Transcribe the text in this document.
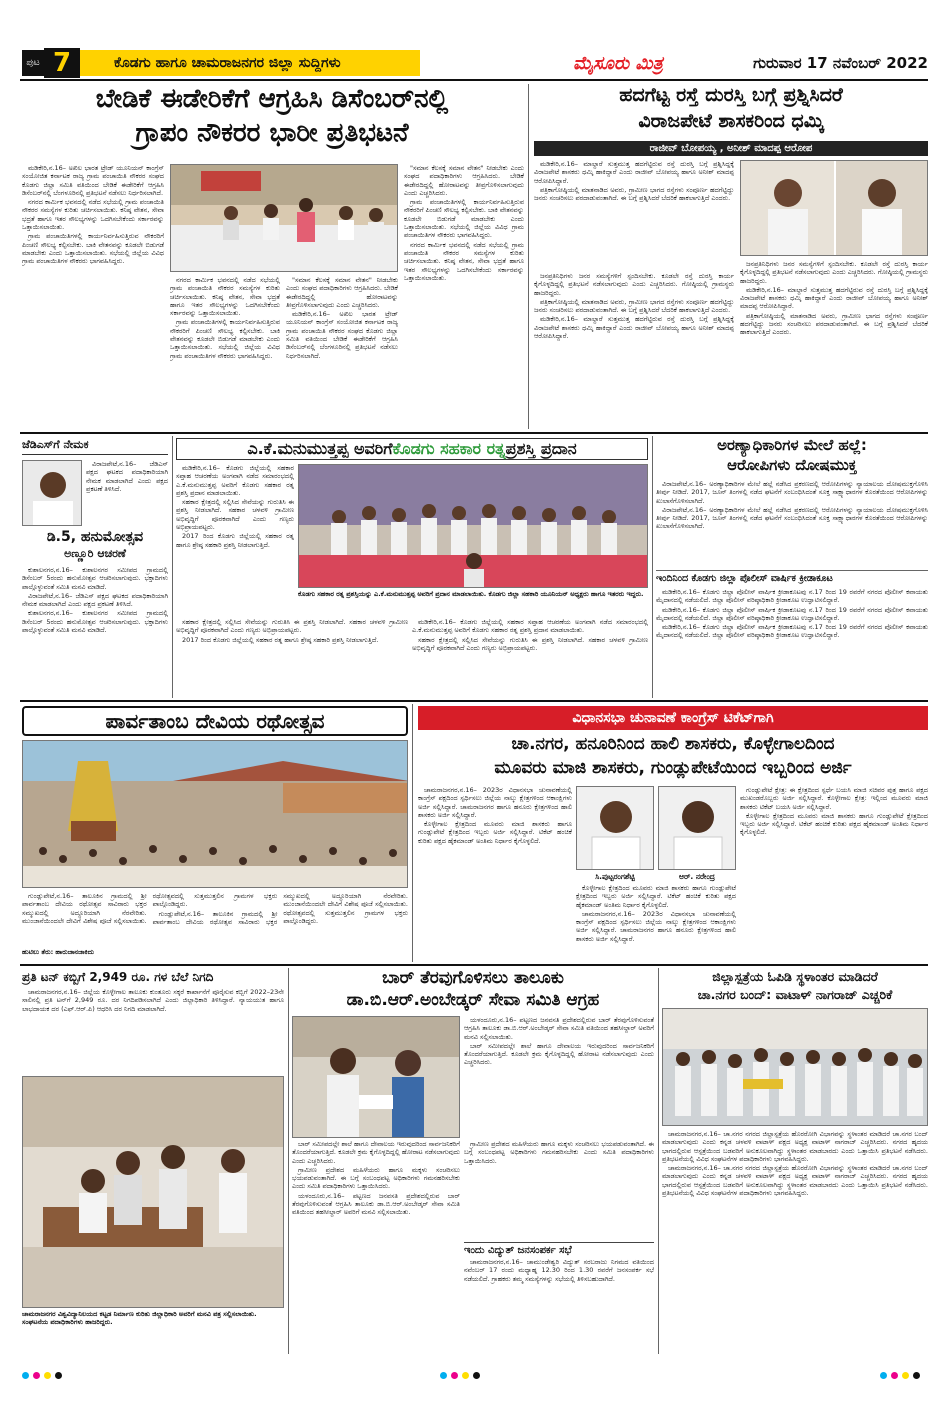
ಪುಟ 7	ಕೊಡಗು ಹಾಗೂ ಚಾಮರಾಜನಗರ ಜಿಲ್ಲಾ ಸುದ್ದಿಗಳು	ಮೈಸೂರು ಮಿತ್ರ	ಗುರುವಾರ 17 ನವೆಂಬರ್ 2022
ಬೇಡಿಕೆ ಈಡೇರಿಕೆಗೆ ಆಗ್ರಹಿಸಿ ಡಿಸೆಂಬರ್‌ನಲ್ಲಿ
ಗ್ರಾಪಂ ನೌಕರರ ಭಾರೀ ಪ್ರತಿಭಟನೆ

ಮಡಿಕೇರಿ,ನ.16– ಅಖಿಲ ಭಾರತ ಟ್ರೇಡ್ ಯೂನಿಯನ್ ಕಾಂಗ್ರೆಸ್ ಸಂಯೋಜಿತ ಕರ್ನಾಟಕ ರಾಜ್ಯ ಗ್ರಾಮ ಪಂಚಾಯಿತಿ ನೌಕರರ ಸಂಘದ ಕೊಡಗು ಜಿಲ್ಲಾ ಸಮಿತಿ ವತಿಯಿಂದ ಬೇಡಿಕೆ ಈಡೇರಿಕೆಗೆ ಆಗ್ರಹಿಸಿ ಡಿಸೆಂಬರ್‌ನಲ್ಲಿ ಬೆಂಗಳೂರಿನಲ್ಲಿ ಪ್ರತಿಭಟನೆ ನಡೆಸಲು ನಿರ್ಧರಿಸಲಾಗಿದೆ.

ನಗರದ ಕಾರ್ಮಿಕ ಭವನದಲ್ಲಿ ನಡೆದ ಸಭೆಯಲ್ಲಿ ಗ್ರಾಮ ಪಂಚಾಯಿತಿ ನೌಕರರ ಸಮಸ್ಯೆಗಳ ಕುರಿತು ಚರ್ಚಿಸಲಾಯಿತು. ಕನಿಷ್ಠ ವೇತನ, ಸೇವಾ ಭದ್ರತೆ ಹಾಗೂ ಇತರ ಸೌಲಭ್ಯಗಳನ್ನು ಒದಗಿಸಬೇಕೆಂದು ಸರ್ಕಾರವನ್ನು ಒತ್ತಾಯಿಸಲಾಯಿತು.

ಗ್ರಾಮ ಪಂಚಾಯಿತಿಗಳಲ್ಲಿ ಕಾರ್ಯನಿರ್ವಹಿಸುತ್ತಿರುವ ನೌಕರರಿಗೆ ಪಿಂಚಣಿ ಸೌಲಭ್ಯ ಕಲ್ಪಿಸಬೇಕು. ಬಾಕಿ ವೇತನವನ್ನು ಕೂಡಲೇ ಬಿಡುಗಡೆ ಮಾಡಬೇಕು ಎಂದು ಒತ್ತಾಯಿಸಲಾಯಿತು. ಸಭೆಯಲ್ಲಿ ಜಿಲ್ಲೆಯ ವಿವಿಧ ಗ್ರಾಮ ಪಂಚಾಯಿತಿಗಳ ನೌಕರರು ಭಾಗವಹಿಸಿದ್ದರು.

ನಗರದ ಕಾರ್ಮಿಕ ಭವನದಲ್ಲಿ ನಡೆದ ಸಭೆಯಲ್ಲಿ ಗ್ರಾಮ ಪಂಚಾಯಿತಿ ನೌಕರರ ಸಮಸ್ಯೆಗಳ ಕುರಿತು ಚರ್ಚಿಸಲಾಯಿತು. ಕನಿಷ್ಠ ವೇತನ, ಸೇವಾ ಭದ್ರತೆ ಹಾಗೂ ಇತರ ಸೌಲಭ್ಯಗಳನ್ನು ಒದಗಿಸಬೇಕೆಂದು ಸರ್ಕಾರವನ್ನು ಒತ್ತಾಯಿಸಲಾಯಿತು.

ಗ್ರಾಮ ಪಂಚಾಯಿತಿಗಳಲ್ಲಿ ಕಾರ್ಯನಿರ್ವಹಿಸುತ್ತಿರುವ ನೌಕರರಿಗೆ ಪಿಂಚಣಿ ಸೌಲಭ್ಯ ಕಲ್ಪಿಸಬೇಕು. ಬಾಕಿ ವೇತನವನ್ನು ಕೂಡಲೇ ಬಿಡುಗಡೆ ಮಾಡಬೇಕು ಎಂದು ಒತ್ತಾಯಿಸಲಾಯಿತು. ಸಭೆಯಲ್ಲಿ ಜಿಲ್ಲೆಯ ವಿವಿಧ ಗ್ರಾಮ ಪಂಚಾಯಿತಿಗಳ ನೌಕರರು ಭಾಗವಹಿಸಿದ್ದರು.

"ಸಮಾನ ಕೆಲಸಕ್ಕೆ ಸಮಾನ ವೇತನ" ನೀಡಬೇಕು ಎಂದು ಸಂಘದ ಪದಾಧಿಕಾರಿಗಳು ಆಗ್ರಹಿಸಿದರು. ಬೇಡಿಕೆ ಈಡೇರದಿದ್ದಲ್ಲಿ ಹೋರಾಟವನ್ನು ತೀವ್ರಗೊಳಿಸಲಾಗುವುದು ಎಂದು ಎಚ್ಚರಿಸಿದರು.

ಮಡಿಕೇರಿ,ನ.16– ಅಖಿಲ ಭಾರತ ಟ್ರೇಡ್ ಯೂನಿಯನ್ ಕಾಂಗ್ರೆಸ್ ಸಂಯೋಜಿತ ಕರ್ನಾಟಕ ರಾಜ್ಯ ಗ್ರಾಮ ಪಂಚಾಯಿತಿ ನೌಕರರ ಸಂಘದ ಕೊಡಗು ಜಿಲ್ಲಾ ಸಮಿತಿ ವತಿಯಿಂದ ಬೇಡಿಕೆ ಈಡೇರಿಕೆಗೆ ಆಗ್ರಹಿಸಿ ಡಿಸೆಂಬರ್‌ನಲ್ಲಿ ಬೆಂಗಳೂರಿನಲ್ಲಿ ಪ್ರತಿಭಟನೆ ನಡೆಸಲು ನಿರ್ಧರಿಸಲಾಗಿದೆ.

"ಸಮಾನ ಕೆಲಸಕ್ಕೆ ಸಮಾನ ವೇತನ" ನೀಡಬೇಕು ಎಂದು ಸಂಘದ ಪದಾಧಿಕಾರಿಗಳು ಆಗ್ರಹಿಸಿದರು. ಬೇಡಿಕೆ ಈಡೇರದಿದ್ದಲ್ಲಿ ಹೋರಾಟವನ್ನು ತೀವ್ರಗೊಳಿಸಲಾಗುವುದು ಎಂದು ಎಚ್ಚರಿಸಿದರು.

ಗ್ರಾಮ ಪಂಚಾಯಿತಿಗಳಲ್ಲಿ ಕಾರ್ಯನಿರ್ವಹಿಸುತ್ತಿರುವ ನೌಕರರಿಗೆ ಪಿಂಚಣಿ ಸೌಲಭ್ಯ ಕಲ್ಪಿಸಬೇಕು. ಬಾಕಿ ವೇತನವನ್ನು ಕೂಡಲೇ ಬಿಡುಗಡೆ ಮಾಡಬೇಕು ಎಂದು ಒತ್ತಾಯಿಸಲಾಯಿತು. ಸಭೆಯಲ್ಲಿ ಜಿಲ್ಲೆಯ ವಿವಿಧ ಗ್ರಾಮ ಪಂಚಾಯಿತಿಗಳ ನೌಕರರು ಭಾಗವಹಿಸಿದ್ದರು.

ನಗರದ ಕಾರ್ಮಿಕ ಭವನದಲ್ಲಿ ನಡೆದ ಸಭೆಯಲ್ಲಿ ಗ್ರಾಮ ಪಂಚಾಯಿತಿ ನೌಕರರ ಸಮಸ್ಯೆಗಳ ಕುರಿತು ಚರ್ಚಿಸಲಾಯಿತು. ಕನಿಷ್ಠ ವೇತನ, ಸೇವಾ ಭದ್ರತೆ ಹಾಗೂ ಇತರ ಸೌಲಭ್ಯಗಳನ್ನು ಒದಗಿಸಬೇಕೆಂದು ಸರ್ಕಾರವನ್ನು ಒತ್ತಾಯಿಸಲಾಯಿತು.

ಹದಗೆಟ್ಟ ರಸ್ತೆ ದುರಸ್ತಿ ಬಗ್ಗೆ ಪ್ರಶ್ನಿಸಿದರೆ
ವಿರಾಜಪೇಟೆ ಶಾಸಕರಿಂದ ಧಮ್ಕಿ
ರಾಜೀವ್ ಬೋಪಯ್ಯ , ಅನೀಶ್ ಮಾದಪ್ಪ ಆರೋಪ

ಮಡಿಕೇರಿ,ನ.16– ಮಾಲ್ದಾರೆ ಸುತ್ತಮುತ್ತ ಹದಗೆಟ್ಟಿರುವ ರಸ್ತೆ ದುರಸ್ತಿ ಬಗ್ಗೆ ಪ್ರಶ್ನಿಸಿದ್ದಕ್ಕೆ ವಿರಾಜಪೇಟೆ ಶಾಸಕರು ಧಮ್ಕಿ ಹಾಕಿದ್ದಾರೆ ಎಂದು ರಾಜೀವ್ ಬೋಪಯ್ಯ ಹಾಗೂ ಅನೀಶ್ ಮಾದಪ್ಪ ಆರೋಪಿಸಿದ್ದಾರೆ.

ಪತ್ರಿಕಾಗೋಷ್ಠಿಯಲ್ಲಿ ಮಾತನಾಡಿದ ಅವರು, ಗ್ರಾಮೀಣ ಭಾಗದ ರಸ್ತೆಗಳು ಸಂಪೂರ್ಣ ಹದಗೆಟ್ಟಿದ್ದು ಜನರು ಸಂಚರಿಸಲು ಪರದಾಡುವಂತಾಗಿದೆ. ಈ ಬಗ್ಗೆ ಪ್ರಶ್ನಿಸಿದರೆ ಬೆದರಿಕೆ ಹಾಕಲಾಗುತ್ತಿದೆ ಎಂದರು.

ಜನಪ್ರತಿನಿಧಿಗಳು ಜನರ ಸಮಸ್ಯೆಗಳಿಗೆ ಸ್ಪಂದಿಸಬೇಕು. ಕೂಡಲೇ ರಸ್ತೆ ದುರಸ್ತಿ ಕಾರ್ಯ ಕೈಗೊಳ್ಳದಿದ್ದಲ್ಲಿ ಪ್ರತಿಭಟನೆ ನಡೆಸಲಾಗುವುದು ಎಂದು ಎಚ್ಚರಿಸಿದರು. ಗೋಷ್ಠಿಯಲ್ಲಿ ಗ್ರಾಮಸ್ಥರು ಹಾಜರಿದ್ದರು.

ಪತ್ರಿಕಾಗೋಷ್ಠಿಯಲ್ಲಿ ಮಾತನಾಡಿದ ಅವರು, ಗ್ರಾಮೀಣ ಭಾಗದ ರಸ್ತೆಗಳು ಸಂಪೂರ್ಣ ಹದಗೆಟ್ಟಿದ್ದು ಜನರು ಸಂಚರಿಸಲು ಪರದಾಡುವಂತಾಗಿದೆ. ಈ ಬಗ್ಗೆ ಪ್ರಶ್ನಿಸಿದರೆ ಬೆದರಿಕೆ ಹಾಕಲಾಗುತ್ತಿದೆ ಎಂದರು.

ಮಡಿಕೇರಿ,ನ.16– ಮಾಲ್ದಾರೆ ಸುತ್ತಮುತ್ತ ಹದಗೆಟ್ಟಿರುವ ರಸ್ತೆ ದುರಸ್ತಿ ಬಗ್ಗೆ ಪ್ರಶ್ನಿಸಿದ್ದಕ್ಕೆ ವಿರಾಜಪೇಟೆ ಶಾಸಕರು ಧಮ್ಕಿ ಹಾಕಿದ್ದಾರೆ ಎಂದು ರಾಜೀವ್ ಬೋಪಯ್ಯ ಹಾಗೂ ಅನೀಶ್ ಮಾದಪ್ಪ ಆರೋಪಿಸಿದ್ದಾರೆ.

ಜನಪ್ರತಿನಿಧಿಗಳು ಜನರ ಸಮಸ್ಯೆಗಳಿಗೆ ಸ್ಪಂದಿಸಬೇಕು. ಕೂಡಲೇ ರಸ್ತೆ ದುರಸ್ತಿ ಕಾರ್ಯ ಕೈಗೊಳ್ಳದಿದ್ದಲ್ಲಿ ಪ್ರತಿಭಟನೆ ನಡೆಸಲಾಗುವುದು ಎಂದು ಎಚ್ಚರಿಸಿದರು. ಗೋಷ್ಠಿಯಲ್ಲಿ ಗ್ರಾಮಸ್ಥರು ಹಾಜರಿದ್ದರು.

ಮಡಿಕೇರಿ,ನ.16– ಮಾಲ್ದಾರೆ ಸುತ್ತಮುತ್ತ ಹದಗೆಟ್ಟಿರುವ ರಸ್ತೆ ದುರಸ್ತಿ ಬಗ್ಗೆ ಪ್ರಶ್ನಿಸಿದ್ದಕ್ಕೆ ವಿರಾಜಪೇಟೆ ಶಾಸಕರು ಧಮ್ಕಿ ಹಾಕಿದ್ದಾರೆ ಎಂದು ರಾಜೀವ್ ಬೋಪಯ್ಯ ಹಾಗೂ ಅನೀಶ್ ಮಾದಪ್ಪ ಆರೋಪಿಸಿದ್ದಾರೆ.

ಪತ್ರಿಕಾಗೋಷ್ಠಿಯಲ್ಲಿ ಮಾತನಾಡಿದ ಅವರು, ಗ್ರಾಮೀಣ ಭಾಗದ ರಸ್ತೆಗಳು ಸಂಪೂರ್ಣ ಹದಗೆಟ್ಟಿದ್ದು ಜನರು ಸಂಚರಿಸಲು ಪರದಾಡುವಂತಾಗಿದೆ. ಈ ಬಗ್ಗೆ ಪ್ರಶ್ನಿಸಿದರೆ ಬೆದರಿಕೆ ಹಾಕಲಾಗುತ್ತಿದೆ ಎಂದರು.

ಜೆಡಿಎಸ್‌ಗೆ ನೇಮಕ

ವಿರಾಜಪೇಟೆ,ನ.16– ಜೆಡಿಎಸ್ ಪಕ್ಷದ ಘಟಕದ ಪದಾಧಿಕಾರಿಯಾಗಿ ನೇಮಕ ಮಾಡಲಾಗಿದೆ ಎಂದು ಪಕ್ಷದ ಪ್ರಕಟಣೆ ತಿಳಿಸಿದೆ.

ಡಿ.5, ಹನುಮೋತ್ಸವ
ಅಣ್ಣೂರಿ ಆಚರಣೆ

ಕುಶಾಲನಗರ,ನ.16– ಕುಶಾಲನಗರ ಸಮೀಪದ ಗ್ರಾಮದಲ್ಲಿ ಡಿಸೆಂಬರ್ 5ರಂದು ಹನುಮೋತ್ಸವ ಆಚರಿಸಲಾಗುವುದು. ಭಕ್ತಾದಿಗಳು ಪಾಲ್ಗೊಳ್ಳುವಂತೆ ಸಮಿತಿ ಮನವಿ ಮಾಡಿದೆ.

ವಿರಾಜಪೇಟೆ,ನ.16– ಜೆಡಿಎಸ್ ಪಕ್ಷದ ಘಟಕದ ಪದಾಧಿಕಾರಿಯಾಗಿ ನೇಮಕ ಮಾಡಲಾಗಿದೆ ಎಂದು ಪಕ್ಷದ ಪ್ರಕಟಣೆ ತಿಳಿಸಿದೆ.

ಕುಶಾಲನಗರ,ನ.16– ಕುಶಾಲನಗರ ಸಮೀಪದ ಗ್ರಾಮದಲ್ಲಿ ಡಿಸೆಂಬರ್ 5ರಂದು ಹನುಮೋತ್ಸವ ಆಚರಿಸಲಾಗುವುದು. ಭಕ್ತಾದಿಗಳು ಪಾಲ್ಗೊಳ್ಳುವಂತೆ ಸಮಿತಿ ಮನವಿ ಮಾಡಿದೆ.

ಎ.ಕೆ.ಮನುಮುತ್ತಪ್ಪ ಅವರಿಗೆ ಕೊಡಗು ಸಹಕಾರ ರತ್ನ ಪ್ರಶಸ್ತಿ ಪ್ರದಾನ

ಮಡಿಕೇರಿ,ನ.16– ಕೊಡಗು ಜಿಲ್ಲೆಯಲ್ಲಿ ಸಹಕಾರ ಸಪ್ತಾಹ ಆಚರಣೆಯ ಅಂಗವಾಗಿ ನಡೆದ ಸಮಾರಂಭದಲ್ಲಿ ಎ.ಕೆ.ಮನುಮುತ್ತಪ್ಪ ಅವರಿಗೆ ಕೊಡಗು ಸಹಕಾರ ರತ್ನ ಪ್ರಶಸ್ತಿ ಪ್ರದಾನ ಮಾಡಲಾಯಿತು.

ಸಹಕಾರ ಕ್ಷೇತ್ರದಲ್ಲಿ ಸಲ್ಲಿಸಿದ ಸೇವೆಯನ್ನು ಗುರುತಿಸಿ ಈ ಪ್ರಶಸ್ತಿ ನೀಡಲಾಗಿದೆ. ಸಹಕಾರ ಚಳವಳಿ ಗ್ರಾಮೀಣ ಅಭಿವೃದ್ಧಿಗೆ ಪೂರಕವಾಗಿದೆ ಎಂದು ಗಣ್ಯರು ಅಭಿಪ್ರಾಯಪಟ್ಟರು.

2017 ರಿಂದ ಕೊಡಗು ಜಿಲ್ಲೆಯಲ್ಲಿ ಸಹಕಾರ ರತ್ನ ಹಾಗೂ ಶ್ರೇಷ್ಠ ಸಹಕಾರಿ ಪ್ರಶಸ್ತಿ ನೀಡಲಾಗುತ್ತಿದೆ.

ಕೊಡಗು ಸಹಕಾರ ರತ್ನ ಪ್ರಶಸ್ತಿಯನ್ನು ಎ.ಕೆ.ಮನುಮುತ್ತಪ್ಪ ಅವರಿಗೆ ಪ್ರದಾನ ಮಾಡಲಾಯಿತು. ಕೊಡಗು ಜಿಲ್ಲಾ ಸಹಕಾರಿ ಯೂನಿಯನ್ ಅಧ್ಯಕ್ಷರು ಹಾಗೂ ಇತರರು ಇದ್ದರು.

ಸಹಕಾರ ಕ್ಷೇತ್ರದಲ್ಲಿ ಸಲ್ಲಿಸಿದ ಸೇವೆಯನ್ನು ಗುರುತಿಸಿ ಈ ಪ್ರಶಸ್ತಿ ನೀಡಲಾಗಿದೆ. ಸಹಕಾರ ಚಳವಳಿ ಗ್ರಾಮೀಣ ಅಭಿವೃದ್ಧಿಗೆ ಪೂರಕವಾಗಿದೆ ಎಂದು ಗಣ್ಯರು ಅಭಿಪ್ರಾಯಪಟ್ಟರು.

2017 ರಿಂದ ಕೊಡಗು ಜಿಲ್ಲೆಯಲ್ಲಿ ಸಹಕಾರ ರತ್ನ ಹಾಗೂ ಶ್ರೇಷ್ಠ ಸಹಕಾರಿ ಪ್ರಶಸ್ತಿ ನೀಡಲಾಗುತ್ತಿದೆ.

ಮಡಿಕೇರಿ,ನ.16– ಕೊಡಗು ಜಿಲ್ಲೆಯಲ್ಲಿ ಸಹಕಾರ ಸಪ್ತಾಹ ಆಚರಣೆಯ ಅಂಗವಾಗಿ ನಡೆದ ಸಮಾರಂಭದಲ್ಲಿ ಎ.ಕೆ.ಮನುಮುತ್ತಪ್ಪ ಅವರಿಗೆ ಕೊಡಗು ಸಹಕಾರ ರತ್ನ ಪ್ರಶಸ್ತಿ ಪ್ರದಾನ ಮಾಡಲಾಯಿತು.

ಸಹಕಾರ ಕ್ಷೇತ್ರದಲ್ಲಿ ಸಲ್ಲಿಸಿದ ಸೇವೆಯನ್ನು ಗುರುತಿಸಿ ಈ ಪ್ರಶಸ್ತಿ ನೀಡಲಾಗಿದೆ. ಸಹಕಾರ ಚಳವಳಿ ಗ್ರಾಮೀಣ ಅಭಿವೃದ್ಧಿಗೆ ಪೂರಕವಾಗಿದೆ ಎಂದು ಗಣ್ಯರು ಅಭಿಪ್ರಾಯಪಟ್ಟರು.

ಅರಣ್ಯಾಧಿಕಾರಿಗಳ ಮೇಲೆ ಹಲ್ಲೆ:
ಆರೋಪಿಗಳು ದೋಷಮುಕ್ತ

ವಿರಾಜಪೇಟೆ,ನ.16– ಅರಣ್ಯಾಧಿಕಾರಿಗಳ ಮೇಲೆ ಹಲ್ಲೆ ನಡೆಸಿದ ಪ್ರಕರಣದಲ್ಲಿ ಆರೋಪಿಗಳನ್ನು ನ್ಯಾಯಾಲಯ ದೋಷಮುಕ್ತಗೊಳಿಸಿ ತೀರ್ಪು ನೀಡಿದೆ. 2017, ಜೂನ್ ತಿಂಗಳಲ್ಲಿ ನಡೆದ ಘಟನೆಗೆ ಸಂಬಂಧಿಸಿದಂತೆ ಸೂಕ್ತ ಸಾಕ್ಷ್ಯಾಧಾರಗಳ ಕೊರತೆಯಿಂದ ಆರೋಪಿಗಳನ್ನು ಖುಲಾಸೆಗೊಳಿಸಲಾಗಿದೆ.

ವಿರಾಜಪೇಟೆ,ನ.16– ಅರಣ್ಯಾಧಿಕಾರಿಗಳ ಮೇಲೆ ಹಲ್ಲೆ ನಡೆಸಿದ ಪ್ರಕರಣದಲ್ಲಿ ಆರೋಪಿಗಳನ್ನು ನ್ಯಾಯಾಲಯ ದೋಷಮುಕ್ತಗೊಳಿಸಿ ತೀರ್ಪು ನೀಡಿದೆ. 2017, ಜೂನ್ ತಿಂಗಳಲ್ಲಿ ನಡೆದ ಘಟನೆಗೆ ಸಂಬಂಧಿಸಿದಂತೆ ಸೂಕ್ತ ಸಾಕ್ಷ್ಯಾಧಾರಗಳ ಕೊರತೆಯಿಂದ ಆರೋಪಿಗಳನ್ನು ಖುಲಾಸೆಗೊಳಿಸಲಾಗಿದೆ.

ಇಂದಿನಿಂದ ಕೊಡಗು ಜಿಲ್ಲಾ ಪೊಲೀಸ್ ವಾರ್ಷಿಕ ಕ್ರೀಡಾಕೂಟ

ಮಡಿಕೇರಿ,ನ.16– ಕೊಡಗು ಜಿಲ್ಲಾ ಪೊಲೀಸ್ ವಾರ್ಷಿಕ ಕ್ರೀಡಾಕೂಟವು ನ.17 ರಿಂದ 19 ರವರೆಗೆ ನಗರದ ಪೊಲೀಸ್ ಕವಾಯತು ಮೈದಾನದಲ್ಲಿ ನಡೆಯಲಿದೆ. ಜಿಲ್ಲಾ ಪೊಲೀಸ್ ವರಿಷ್ಠಾಧಿಕಾರಿ ಕ್ರೀಡಾಕೂಟ ಉದ್ಘಾಟಿಸಲಿದ್ದಾರೆ.

ಮಡಿಕೇರಿ,ನ.16– ಕೊಡಗು ಜಿಲ್ಲಾ ಪೊಲೀಸ್ ವಾರ್ಷಿಕ ಕ್ರೀಡಾಕೂಟವು ನ.17 ರಿಂದ 19 ರವರೆಗೆ ನಗರದ ಪೊಲೀಸ್ ಕವಾಯತು ಮೈದಾನದಲ್ಲಿ ನಡೆಯಲಿದೆ. ಜಿಲ್ಲಾ ಪೊಲೀಸ್ ವರಿಷ್ಠಾಧಿಕಾರಿ ಕ್ರೀಡಾಕೂಟ ಉದ್ಘಾಟಿಸಲಿದ್ದಾರೆ.

ಮಡಿಕೇರಿ,ನ.16– ಕೊಡಗು ಜಿಲ್ಲಾ ಪೊಲೀಸ್ ವಾರ್ಷಿಕ ಕ್ರೀಡಾಕೂಟವು ನ.17 ರಿಂದ 19 ರವರೆಗೆ ನಗರದ ಪೊಲೀಸ್ ಕವಾಯತು ಮೈದಾನದಲ್ಲಿ ನಡೆಯಲಿದೆ. ಜಿಲ್ಲಾ ಪೊಲೀಸ್ ವರಿಷ್ಠಾಧಿಕಾರಿ ಕ್ರೀಡಾಕೂಟ ಉದ್ಘಾಟಿಸಲಿದ್ದಾರೆ.

ಪಾರ್ವತಾಂಬ ದೇವಿಯ ರಥೋತ್ಸವ

ಗುಂಡ್ಲುಪೇಟೆ,ನ.16– ತಾಲೂಕಿನ ಗ್ರಾಮದಲ್ಲಿ ಶ್ರೀ ಪಾರ್ವತಾಂಬ ದೇವಿಯ ರಥೋತ್ಸವ ಸಾವಿರಾರು ಭಕ್ತರ ಸಮ್ಮುಖದಲ್ಲಿ ಅದ್ದೂರಿಯಾಗಿ ನೆರವೇರಿತು. ಮುಂಜಾನೆಯಿಂದಲೇ ದೇವಿಗೆ ವಿಶೇಷ ಪೂಜೆ ಸಲ್ಲಿಸಲಾಯಿತು. ರಥೋತ್ಸವದಲ್ಲಿ ಸುತ್ತಮುತ್ತಲಿನ ಗ್ರಾಮಗಳ ಭಕ್ತರು ಪಾಲ್ಗೊಂಡಿದ್ದರು.

ಗುಂಡ್ಲುಪೇಟೆ,ನ.16– ತಾಲೂಕಿನ ಗ್ರಾಮದಲ್ಲಿ ಶ್ರೀ ಪಾರ್ವತಾಂಬ ದೇವಿಯ ರಥೋತ್ಸವ ಸಾವಿರಾರು ಭಕ್ತರ ಸಮ್ಮುಖದಲ್ಲಿ ಅದ್ದೂರಿಯಾಗಿ ನೆರವೇರಿತು. ಮುಂಜಾನೆಯಿಂದಲೇ ದೇವಿಗೆ ವಿಶೇಷ ಪೂಜೆ ಸಲ್ಲಿಸಲಾಯಿತು. ರಥೋತ್ಸವದಲ್ಲಿ ಸುತ್ತಮುತ್ತಲಿನ ಗ್ರಾಮಗಳ ಭಕ್ತರು ಪಾಲ್ಗೊಂಡಿದ್ದರು.

ಹುಟಿಲು ತೆರು: ಹಾರುಜಾನಜಾಕಿದು
ವಿಧಾನಸಭಾ ಚುನಾವಣೆ ಕಾಂಗ್ರೆಸ್ ಟಿಕೆಟ್‌ಗಾಗಿ
ಚಾ.ನಗರ, ಹನೂರಿನಿಂದ ಹಾಲಿ ಶಾಸಕರು, ಕೊಳ್ಳೇಗಾಲದಿಂದ
ಮೂವರು ಮಾಜಿ ಶಾಸಕರು, ಗುಂಡ್ಲುಪೇಟೆಯಿಂದ ಇಬ್ಬರಿಂದ ಅರ್ಜಿ

ಚಾಮರಾಜನಗರ,ನ.16– 2023ರ ವಿಧಾನಸಭಾ ಚುನಾವಣೆಯಲ್ಲಿ ಕಾಂಗ್ರೆಸ್ ಪಕ್ಷದಿಂದ ಸ್ಪರ್ಧಿಸಲು ಜಿಲ್ಲೆಯ ನಾಲ್ಕು ಕ್ಷೇತ್ರಗಳಿಂದ ಆಕಾಂಕ್ಷಿಗಳು ಅರ್ಜಿ ಸಲ್ಲಿಸಿದ್ದಾರೆ. ಚಾಮರಾಜನಗರ ಹಾಗೂ ಹನೂರು ಕ್ಷೇತ್ರಗಳಿಂದ ಹಾಲಿ ಶಾಸಕರು ಅರ್ಜಿ ಸಲ್ಲಿಸಿದ್ದಾರೆ.

ಕೊಳ್ಳೇಗಾಲ ಕ್ಷೇತ್ರದಿಂದ ಮೂವರು ಮಾಜಿ ಶಾಸಕರು ಹಾಗೂ ಗುಂಡ್ಲುಪೇಟೆ ಕ್ಷೇತ್ರದಿಂದ ಇಬ್ಬರು ಅರ್ಜಿ ಸಲ್ಲಿಸಿದ್ದಾರೆ. ಟಿಕೆಟ್ ಹಂಚಿಕೆ ಕುರಿತು ಪಕ್ಷದ ಹೈಕಮಾಂಡ್ ಅಂತಿಮ ನಿರ್ಧಾರ ಕೈಗೊಳ್ಳಲಿದೆ.

ಸಿ.ಪುಟ್ಟರಂಗಶೆಟ್ಟಿ	ಆರ್. ನರೇಂದ್ರ

ಕೊಳ್ಳೇಗಾಲ ಕ್ಷೇತ್ರದಿಂದ ಮೂವರು ಮಾಜಿ ಶಾಸಕರು ಹಾಗೂ ಗುಂಡ್ಲುಪೇಟೆ ಕ್ಷೇತ್ರದಿಂದ ಇಬ್ಬರು ಅರ್ಜಿ ಸಲ್ಲಿಸಿದ್ದಾರೆ. ಟಿಕೆಟ್ ಹಂಚಿಕೆ ಕುರಿತು ಪಕ್ಷದ ಹೈಕಮಾಂಡ್ ಅಂತಿಮ ನಿರ್ಧಾರ ಕೈಗೊಳ್ಳಲಿದೆ.

ಚಾಮರಾಜನಗರ,ನ.16– 2023ರ ವಿಧಾನಸಭಾ ಚುನಾವಣೆಯಲ್ಲಿ ಕಾಂಗ್ರೆಸ್ ಪಕ್ಷದಿಂದ ಸ್ಪರ್ಧಿಸಲು ಜಿಲ್ಲೆಯ ನಾಲ್ಕು ಕ್ಷೇತ್ರಗಳಿಂದ ಆಕಾಂಕ್ಷಿಗಳು ಅರ್ಜಿ ಸಲ್ಲಿಸಿದ್ದಾರೆ. ಚಾಮರಾಜನಗರ ಹಾಗೂ ಹನೂರು ಕ್ಷೇತ್ರಗಳಿಂದ ಹಾಲಿ ಶಾಸಕರು ಅರ್ಜಿ ಸಲ್ಲಿಸಿದ್ದಾರೆ.

ಗುಂಡ್ಲುಪೇಟೆ ಕ್ಷೇತ್ರ: ಈ ಕ್ಷೇತ್ರದಿಂದ ಸ್ಪರ್ಧೆ ಬಯಸಿ ಮಾಜಿ ಸಚಿವರ ಪುತ್ರ ಹಾಗೂ ಪಕ್ಷದ ಮುಖಂಡರೊಬ್ಬರು ಅರ್ಜಿ ಸಲ್ಲಿಸಿದ್ದಾರೆ. ಕೊಳ್ಳೇಗಾಲ ಕ್ಷೇತ್ರ: ಇಲ್ಲಿಂದ ಮೂವರು ಮಾಜಿ ಶಾಸಕರು ಟಿಕೆಟ್ ಬಯಸಿ ಅರ್ಜಿ ಸಲ್ಲಿಸಿದ್ದಾರೆ.

ಕೊಳ್ಳೇಗಾಲ ಕ್ಷೇತ್ರದಿಂದ ಮೂವರು ಮಾಜಿ ಶಾಸಕರು ಹಾಗೂ ಗುಂಡ್ಲುಪೇಟೆ ಕ್ಷೇತ್ರದಿಂದ ಇಬ್ಬರು ಅರ್ಜಿ ಸಲ್ಲಿಸಿದ್ದಾರೆ. ಟಿಕೆಟ್ ಹಂಚಿಕೆ ಕುರಿತು ಪಕ್ಷದ ಹೈಕಮಾಂಡ್ ಅಂತಿಮ ನಿರ್ಧಾರ ಕೈಗೊಳ್ಳಲಿದೆ.

ಪ್ರತಿ ಟನ್ ಕಬ್ಬಿಗೆ 2,949 ರೂ. ಗಳ ಬೆಲೆ ನಿಗದಿ

ಚಾಮರಾಜನಗರ,ನ.16– ಜಿಲ್ಲೆಯ ಕೊಳ್ಳೇಗಾಲ ತಾಲೂಕು ಕುಂತೂರು ಸಕ್ಕರೆ ಕಾರ್ಖಾನೆಗೆ ಪೂರೈಸುವ ಕಬ್ಬಿಗೆ 2022–23ನೇ ಸಾಲಿನಲ್ಲಿ ಪ್ರತಿ ಟನ್‌ಗೆ 2,949 ರೂ. ದರ ನಿಗದಿಪಡಿಸಲಾಗಿದೆ ಎಂದು ಜಿಲ್ಲಾಧಿಕಾರಿ ತಿಳಿಸಿದ್ದಾರೆ. ನ್ಯಾಯಯುತ ಹಾಗೂ ಲಾಭದಾಯಕ ದರ (ಎಫ್.ಆರ್.ಪಿ) ಆಧರಿಸಿ ದರ ನಿಗದಿ ಮಾಡಲಾಗಿದೆ.

ಚಾಮರಾಜನಗರ ವಿಶ್ವವಿದ್ಯಾನಿಲಯದ ಕಟ್ಟಡ ನಿರ್ಮಾಣ ಕುರಿತು ಜಿಲ್ಲಾಧಿಕಾರಿ ಅವರಿಗೆ ಮನವಿ ಪತ್ರ ಸಲ್ಲಿಸಲಾಯಿತು. ಸಂಘಟನೆಯ ಪದಾಧಿಕಾರಿಗಳು ಹಾಜರಿದ್ದರು.
ಬಾರ್ ತೆರವುಗೊಳಿಸಲು ತಾಲೂಕು
ಡಾ.ಬಿ.ಆರ್.ಅಂಬೇಡ್ಕರ್ ಸೇವಾ ಸಮಿತಿ ಆಗ್ರಹ

ಯಳಂದೂರು,ನ.16– ಪಟ್ಟಣದ ಜನವಸತಿ ಪ್ರದೇಶದಲ್ಲಿರುವ ಬಾರ್ ತೆರವುಗೊಳಿಸುವಂತೆ ಆಗ್ರಹಿಸಿ ತಾಲೂಕು ಡಾ.ಬಿ.ಆರ್.ಅಂಬೇಡ್ಕರ್ ಸೇವಾ ಸಮಿತಿ ವತಿಯಿಂದ ತಹಸೀಲ್ದಾರ್ ಅವರಿಗೆ ಮನವಿ ಸಲ್ಲಿಸಲಾಯಿತು.

ಬಾರ್ ಸಮೀಪದಲ್ಲೇ ಶಾಲೆ ಹಾಗೂ ದೇವಾಲಯ ಇರುವುದರಿಂದ ಸಾರ್ವಜನಿಕರಿಗೆ ತೊಂದರೆಯಾಗುತ್ತಿದೆ. ಕೂಡಲೇ ಕ್ರಮ ಕೈಗೊಳ್ಳದಿದ್ದಲ್ಲಿ ಹೋರಾಟ ನಡೆಸಲಾಗುವುದು ಎಂದು ಎಚ್ಚರಿಸಿದರು.

ಬಾರ್ ಸಮೀಪದಲ್ಲೇ ಶಾಲೆ ಹಾಗೂ ದೇವಾಲಯ ಇರುವುದರಿಂದ ಸಾರ್ವಜನಿಕರಿಗೆ ತೊಂದರೆಯಾಗುತ್ತಿದೆ. ಕೂಡಲೇ ಕ್ರಮ ಕೈಗೊಳ್ಳದಿದ್ದಲ್ಲಿ ಹೋರಾಟ ನಡೆಸಲಾಗುವುದು ಎಂದು ಎಚ್ಚರಿಸಿದರು.

ಗ್ರಾಮೀಣ ಪ್ರದೇಶದ ಮಹಿಳೆಯರು ಹಾಗೂ ಮಕ್ಕಳು ಸಂಚರಿಸಲು ಭಯಪಡುವಂತಾಗಿದೆ. ಈ ಬಗ್ಗೆ ಸಂಬಂಧಪಟ್ಟ ಅಧಿಕಾರಿಗಳು ಗಮನಹರಿಸಬೇಕು ಎಂದು ಸಮಿತಿ ಪದಾಧಿಕಾರಿಗಳು ಒತ್ತಾಯಿಸಿದರು.

ಯಳಂದೂರು,ನ.16– ಪಟ್ಟಣದ ಜನವಸತಿ ಪ್ರದೇಶದಲ್ಲಿರುವ ಬಾರ್ ತೆರವುಗೊಳಿಸುವಂತೆ ಆಗ್ರಹಿಸಿ ತಾಲೂಕು ಡಾ.ಬಿ.ಆರ್.ಅಂಬೇಡ್ಕರ್ ಸೇವಾ ಸಮಿತಿ ವತಿಯಿಂದ ತಹಸೀಲ್ದಾರ್ ಅವರಿಗೆ ಮನವಿ ಸಲ್ಲಿಸಲಾಯಿತು.

ಗ್ರಾಮೀಣ ಪ್ರದೇಶದ ಮಹಿಳೆಯರು ಹಾಗೂ ಮಕ್ಕಳು ಸಂಚರಿಸಲು ಭಯಪಡುವಂತಾಗಿದೆ. ಈ ಬಗ್ಗೆ ಸಂಬಂಧಪಟ್ಟ ಅಧಿಕಾರಿಗಳು ಗಮನಹರಿಸಬೇಕು ಎಂದು ಸಮಿತಿ ಪದಾಧಿಕಾರಿಗಳು ಒತ್ತಾಯಿಸಿದರು.

ಇಂದು ವಿದ್ಯುತ್ ಜನಸಂಪರ್ಕ ಸಭೆ

ಚಾಮರಾಜನಗರ,ನ.16– ಚಾಮುಂಡೇಶ್ವರಿ ವಿದ್ಯುತ್ ಸರಬರಾಜು ನಿಗಮದ ವತಿಯಿಂದ ನವೆಂಬರ್ 17 ರಂದು ಮಧ್ಯಾಹ್ನ 12.30 ರಿಂದ 1.30 ರವರೆಗೆ ಜನಸಂಪರ್ಕ ಸಭೆ ನಡೆಯಲಿದೆ. ಗ್ರಾಹಕರು ತಮ್ಮ ಸಮಸ್ಯೆಗಳನ್ನು ಸಭೆಯಲ್ಲಿ ತಿಳಿಸಬಹುದಾಗಿದೆ.

ಜಿಲ್ಲಾಸ್ಪತ್ರೆಯ ಓಪಿಡಿ ಸ್ಥಳಾಂತರ ಮಾಡಿದರೆ
ಚಾ.ನಗರ ಬಂದ್: ವಾಟಾಳ್ ನಾಗರಾಜ್ ಎಚ್ಚರಿಕೆ

ಚಾಮರಾಜನಗರ,ನ.16– ಚಾ.ನಗರ ನಗರದ ಜಿಲ್ಲಾಸ್ಪತ್ರೆಯ ಹೊರರೋಗಿ ವಿಭಾಗವನ್ನು ಸ್ಥಳಾಂತರ ಮಾಡಿದರೆ ಚಾ.ನಗರ ಬಂದ್ ಮಾಡಲಾಗುವುದು ಎಂದು ಕನ್ನಡ ಚಳವಳಿ ವಾಟಾಳ್ ಪಕ್ಷದ ಅಧ್ಯಕ್ಷ ವಾಟಾಳ್ ನಾಗರಾಜ್ ಎಚ್ಚರಿಸಿದರು. ನಗರದ ಹೃದಯ ಭಾಗದಲ್ಲಿರುವ ಆಸ್ಪತ್ರೆಯಿಂದ ಬಡವರಿಗೆ ಅನುಕೂಲವಾಗಿದ್ದು ಸ್ಥಳಾಂತರ ಮಾಡಬಾರದು ಎಂದು ಒತ್ತಾಯಿಸಿ ಪ್ರತಿಭಟನೆ ನಡೆಸಿದರು. ಪ್ರತಿಭಟನೆಯಲ್ಲಿ ವಿವಿಧ ಸಂಘಟನೆಗಳ ಪದಾಧಿಕಾರಿಗಳು ಭಾಗವಹಿಸಿದ್ದರು.

ಚಾಮರಾಜನಗರ,ನ.16– ಚಾ.ನಗರ ನಗರದ ಜಿಲ್ಲಾಸ್ಪತ್ರೆಯ ಹೊರರೋಗಿ ವಿಭಾಗವನ್ನು ಸ್ಥಳಾಂತರ ಮಾಡಿದರೆ ಚಾ.ನಗರ ಬಂದ್ ಮಾಡಲಾಗುವುದು ಎಂದು ಕನ್ನಡ ಚಳವಳಿ ವಾಟಾಳ್ ಪಕ್ಷದ ಅಧ್ಯಕ್ಷ ವಾಟಾಳ್ ನಾಗರಾಜ್ ಎಚ್ಚರಿಸಿದರು. ನಗರದ ಹೃದಯ ಭಾಗದಲ್ಲಿರುವ ಆಸ್ಪತ್ರೆಯಿಂದ ಬಡವರಿಗೆ ಅನುಕೂಲವಾಗಿದ್ದು ಸ್ಥಳಾಂತರ ಮಾಡಬಾರದು ಎಂದು ಒತ್ತಾಯಿಸಿ ಪ್ರತಿಭಟನೆ ನಡೆಸಿದರು. ಪ್ರತಿಭಟನೆಯಲ್ಲಿ ವಿವಿಧ ಸಂಘಟನೆಗಳ ಪದಾಧಿಕಾರಿಗಳು ಭಾಗವಹಿಸಿದ್ದರು.
